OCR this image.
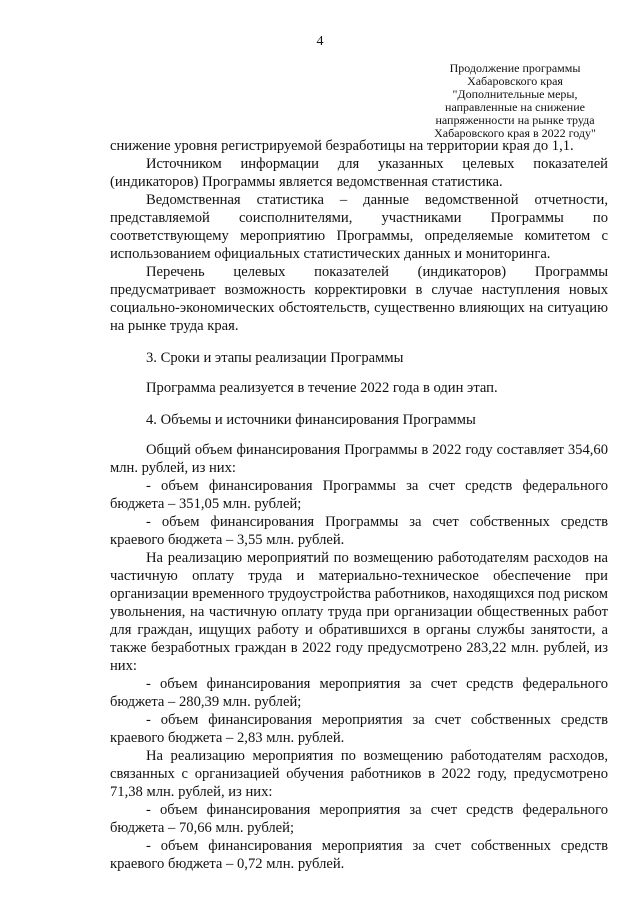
4
Продолжение программы
Хабаровского края
"Дополнительные меры,
направленные на снижение
напряженности на рынке труда
Хабаровского края в 2022 году"

снижение уровня регистрируемой безработицы на территории края до 1,1.

Источником информации для указанных целевых показателей (индикаторов) Программы является ведомственная статистика.

Ведомственная статистика – данные ведомственной отчетности, представляемой соисполнителями, участниками Программы по соответствующему мероприятию Программы, определяемые комитетом с использованием официальных статистических данных и мониторинга.

Перечень целевых показателей (индикаторов) Программы предусматривает возможность корректировки в случае наступления новых социально-экономических обстоятельств, существенно влияющих на ситуацию на рынке труда края.

3. Сроки и этапы реализации Программы

Программа реализуется в течение 2022 года в один этап.

4. Объемы и источники финансирования Программы

Общий объем финансирования Программы в 2022 году составляет 354,60 млн. рублей, из них:

- объем финансирования Программы за счет средств федерального бюджета – 351,05 млн. рублей;

- объем финансирования Программы за счет собственных средств краевого бюджета – 3,55 млн. рублей.

На реализацию мероприятий по возмещению работодателям расходов на частичную оплату труда и материально-техническое обеспечение при организации временного трудоустройства работников, находящихся под риском увольнения, на частичную оплату труда при организации общественных работ для граждан, ищущих работу и обратившихся в органы службы занятости, а также безработных граждан в 2022 году предусмотрено 283,22 млн. рублей, из них:

- объем финансирования мероприятия за счет средств федерального бюджета – 280,39 млн. рублей;

- объем финансирования мероприятия за счет собственных средств краевого бюджета – 2,83 млн. рублей.

На реализацию мероприятия по возмещению работодателям расходов, связанных с организацией обучения работников в 2022 году, предусмотрено 71,38 млн. рублей, из них:

- объем финансирования мероприятия за счет средств федерального бюджета – 70,66 млн. рублей;

- объем финансирования мероприятия за счет собственных средств краевого бюджета – 0,72 млн. рублей.
